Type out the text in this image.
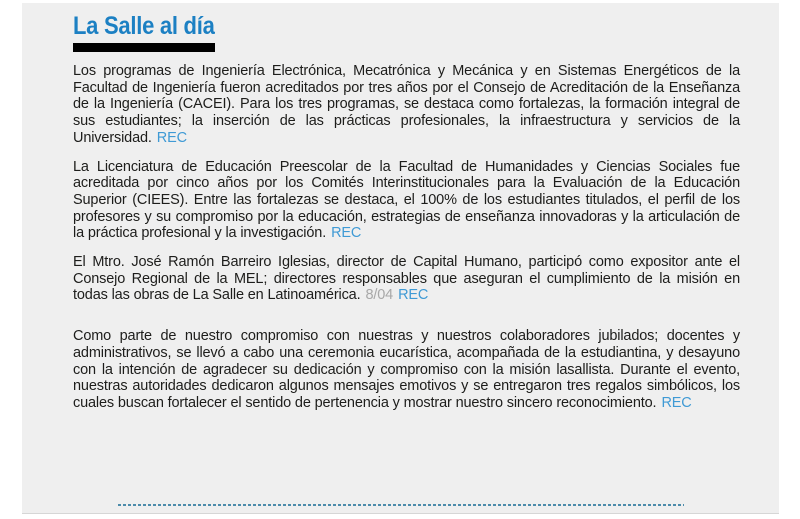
La Salle al día

Los programas de Ingeniería Electrónica, Mecatrónica y Mecánica y en Sistemas Energéticos de la Facultad de Ingeniería fueron acreditados por tres años por el Consejo de Acreditación de la Enseñanza de la Ingeniería (CACEI). Para los tres programas, se destaca como fortalezas, la formación integral de sus estudiantes; la inserción de las prácticas profesionales, la infraestructura y servicios de la Universidad. REC

La Licenciatura de Educación Preescolar de la Facultad de Humanidades y Ciencias Sociales fue acreditada por cinco años por los Comités Interinstitucionales para la Evaluación de la Educación Superior (CIEES). Entre las fortalezas se destaca, el 100% de los estudiantes titulados, el perfil de los profesores y su compromiso por la educación, estrategias de enseñanza innovadoras y la articulación de la práctica profesional y la investigación. REC

El Mtro. José Ramón Barreiro Iglesias, director de Capital Humano, participó como expositor ante el Consejo Regional de la MEL; directores responsables que aseguran el cumplimiento de la misión en todas las obras de La Salle en Latinoamérica. 8/04 REC

Como parte de nuestro compromiso con nuestras y nuestros colaboradores jubilados; docentes y administrativos, se llevó a cabo una ceremonia eucarística, acompañada de la estudiantina, y desayuno con la intención de agradecer su dedicación y compromiso con la misión lasallista. Durante el evento, nuestras autoridades dedicaron algunos mensajes emotivos y se entregaron tres regalos simbólicos, los cuales buscan fortalecer el sentido de pertenencia y mostrar nuestro sincero reconocimiento. REC
